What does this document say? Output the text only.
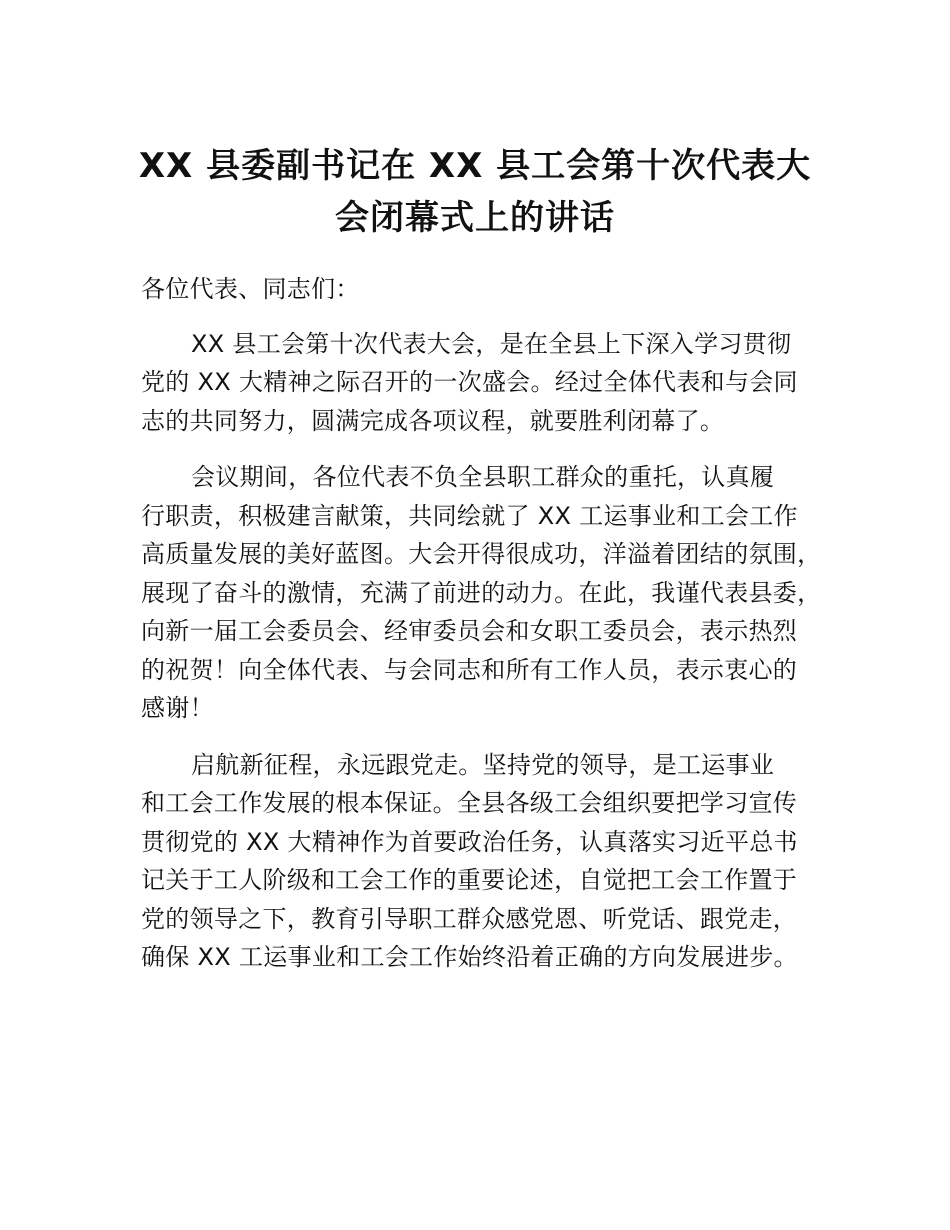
XX 县委副书记在 XX 县工会第十次代表大
会闭幕式上的讲话

各位代表、同志们：

XX 县工会第十次代表大会，是在全县上下深入学习贯彻
党的 XX 大精神之际召开的一次盛会。经过全体代表和与会同
志的共同努力，圆满完成各项议程，就要胜利闭幕了。
会议期间，各位代表不负全县职工群众的重托，认真履
行职责，积极建言献策，共同绘就了 XX 工运事业和工会工作
高质量发展的美好蓝图。大会开得很成功，洋溢着团结的氛围，
展现了奋斗的激情，充满了前进的动力。在此，我谨代表县委，
向新一届工会委员会、经审委员会和女职工委员会，表示热烈
的祝贺！向全体代表、与会同志和所有工作人员，表示衷心的
感谢！
启航新征程，永远跟党走。坚持党的领导，是工运事业
和工会工作发展的根本保证。全县各级工会组织要把学习宣传
贯彻党的 XX 大精神作为首要政治任务，认真落实习近平总书
记关于工人阶级和工会工作的重要论述，自觉把工会工作置于
党的领导之下，教育引导职工群众感党恩、听党话、跟党走，
确保 XX 工运事业和工会工作始终沿着正确的方向发展进步。
